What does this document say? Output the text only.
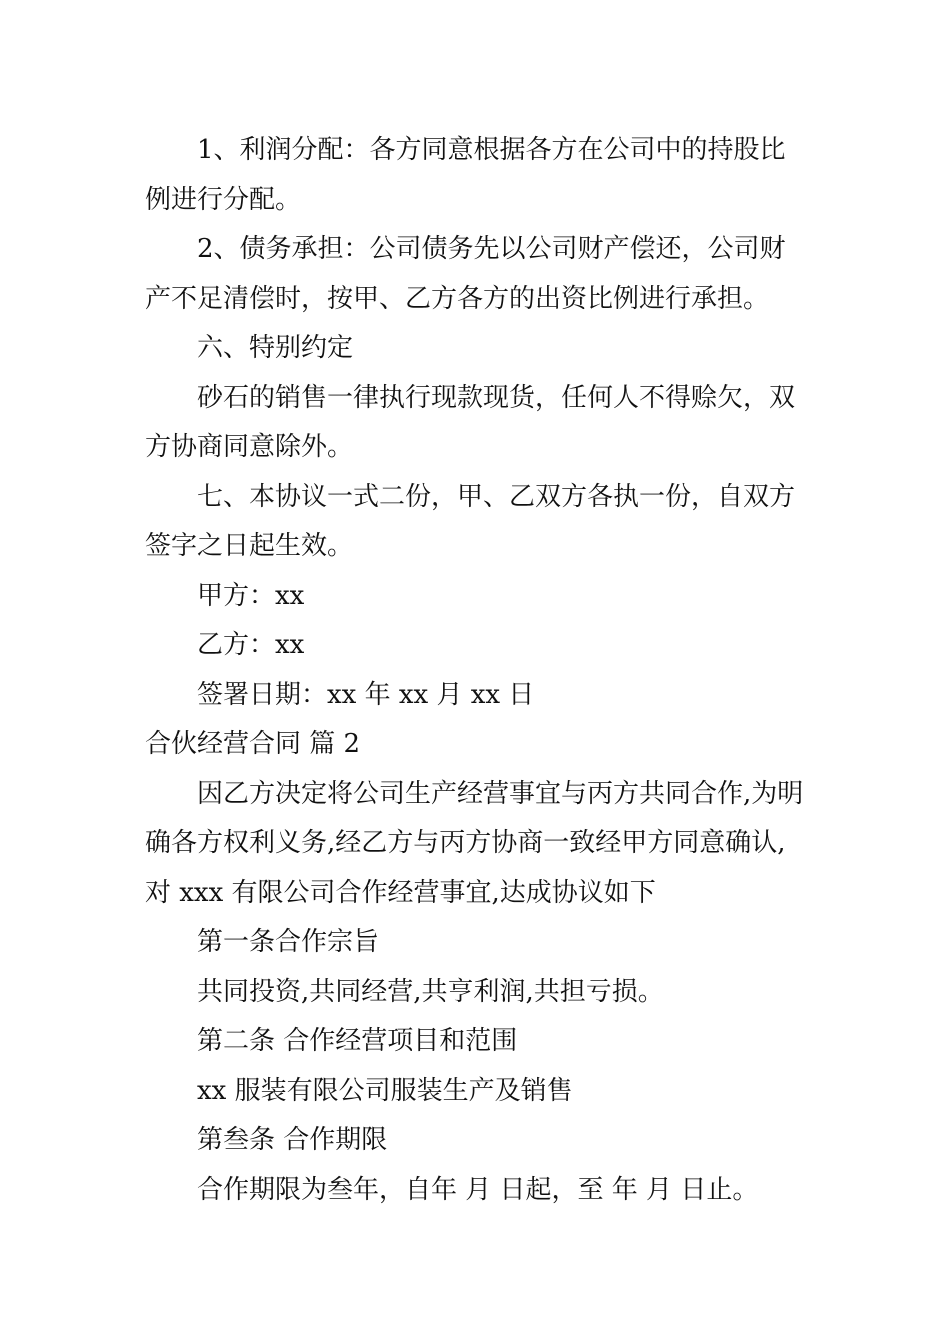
1、利润分配：各方同意根据各方在公司中的持股比例进行分配。

2、债务承担：公司债务先以公司财产偿还，公司财产不足清偿时，按甲、乙方各方的出资比例进行承担。

六、特别约定

砂石的销售一律执行现款现货，任何人不得赊欠，双方协商同意除外。

七、本协议一式二份，甲、乙双方各执一份，自双方签字之日起生效。

甲方：xx

乙方：xx

签署日期：xx 年 xx 月 xx 日

合伙经营合同 篇 2

因乙方决定将公司生产经营事宜与丙方共同合作,为明确各方权利义务,经乙方与丙方协商一致经甲方同意确认,对 xxx 有限公司合作经营事宜,达成协议如下

第一条合作宗旨

共同投资,共同经营,共亨利润,共担亏损。

第二条 合作经营项目和范围

xx 服装有限公司服装生产及销售

第叁条 合作期限

合作期限为叁年，自年 月 日起，至 年 月 日止。
